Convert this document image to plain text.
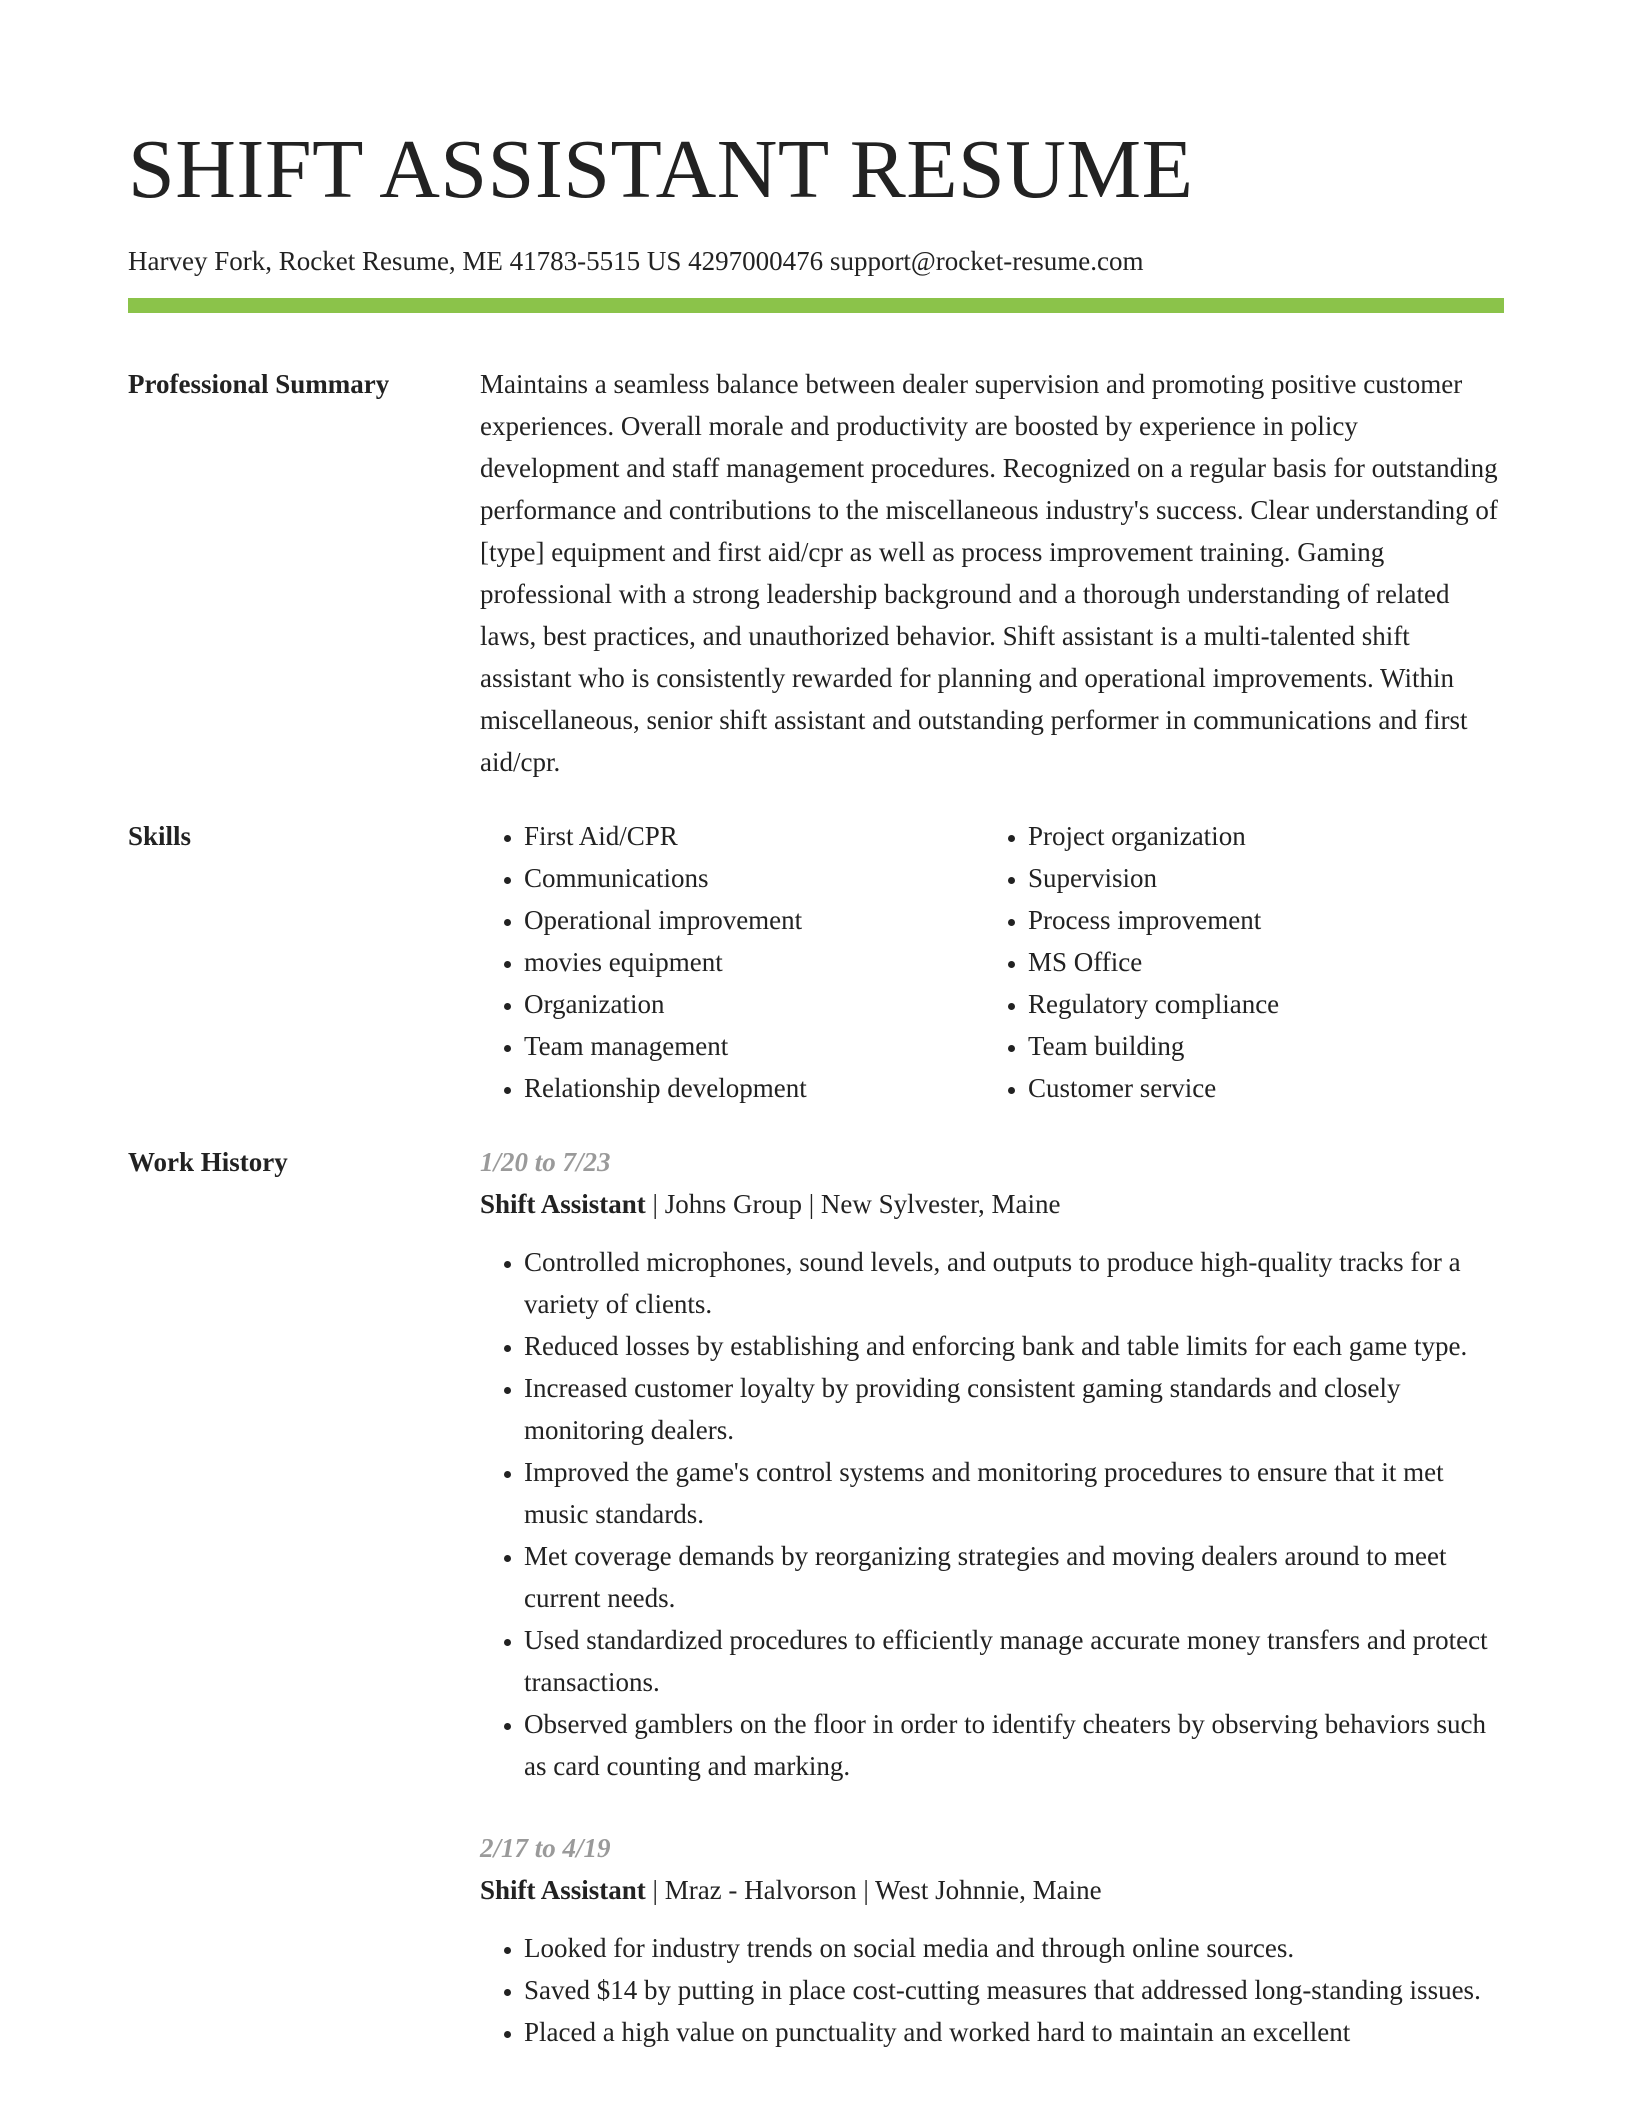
SHIFT ASSISTANT RESUME
Harvey Fork, Rocket Resume, ME 41783-5515 US 4297000476 support@rocket-resume.com
Professional Summary	Maintains a seamless balance between dealer supervision and promoting positive customer experiences. Overall morale and productivity are boosted by experience in policy development and staff management procedures. Recognized on a regular basis for outstanding performance and contributions to the miscellaneous industry's success. Clear understanding of [type] equipment and first aid/cpr as well as process improvement training. Gaming professional with a strong leadership background and a thorough understanding of related laws, best practices, and unauthorized behavior. Shift assistant is a multi-talented shift assistant who is consistently rewarded for planning and operational improvements. Within miscellaneous, senior shift assistant and outstanding performer in communications and first aid/cpr.

Skills
•	First Aid/CPR
• Communications
• Operational improvement
• movies equipment
• Organization
• Team management
• Relationship development
• Project organization
• Supervision
• Process improvement
• MS Office
• Regulatory compliance
• Team building
• Customer service
Work History	1/20 to 7/23
Shift Assistant | Johns Group | New Sylvester, Maine
• Controlled microphones, sound levels, and outputs to produce high-quality tracks for a variety of clients.
• Reduced losses by establishing and enforcing bank and table limits for each game type.
• Increased customer loyalty by providing consistent gaming standards and closely monitoring dealers.
• Improved the game's control systems and monitoring procedures to ensure that it met music standards.
• Met coverage demands by reorganizing strategies and moving dealers around to meet current needs.
• Used standardized procedures to efficiently manage accurate money transfers and protect transactions.
• Observed gamblers on the floor in order to identify cheaters by observing behaviors such as card counting and marking.
2/17 to 4/19
Shift Assistant | Mraz - Halvorson | West Johnnie, Maine
• Looked for industry trends on social media and through online sources.
• Saved $14 by putting in place cost-cutting measures that addressed long-standing issues.
• Placed a high value on punctuality and worked hard to maintain an excellent
